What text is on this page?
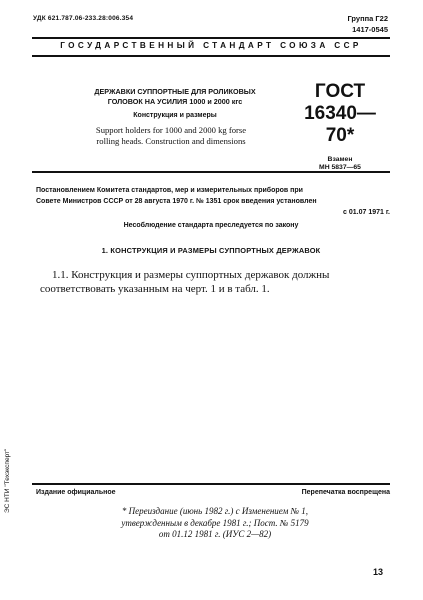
УДК 621.787.06-233.28:006.354	Группа Г22
1417-0545
ГОСУДАРСТВЕННЫЙ СТАНДАРТ СОЮЗА ССР
ДЕРЖАВКИ СУППОРТНЫЕ ДЛЯ РОЛИКОВЫХ
ГОЛОВОК НА УСИЛИЯ 1000 и 2000 кгс
Конструкция и размеры
Support holders for 1000 and 2000 kg forse
rolling heads. Construction and dimensions
ГОСТ
16340—70*
Взамен
МН 5837—65
Постановлением Комитета стандартов, мер и измерительных приборов при
Совете Министров СССР от 28 августа 1970 г. № 1351 срок введения установлен
с 01.07 1971 г.
Несоблюдение стандарта преследуется по закону
1. КОНСТРУКЦИЯ И РАЗМЕРЫ СУППОРТНЫХ ДЕРЖАВОК
1.1. Конструкция и размеры суппортных державок должны
соответствовать указанным на черт. 1 и в табл. 1.
ЭС НТИ "Техэксперт"	Издание официальное	Перепечатка воспрещена
* Переиздание (июнь 1982 г.) с Изменением № 1,
утвержденным в декабре 1981 г.; Пост. № 5179
от 01.12 1981 г. (ИУС 2—82)
13
